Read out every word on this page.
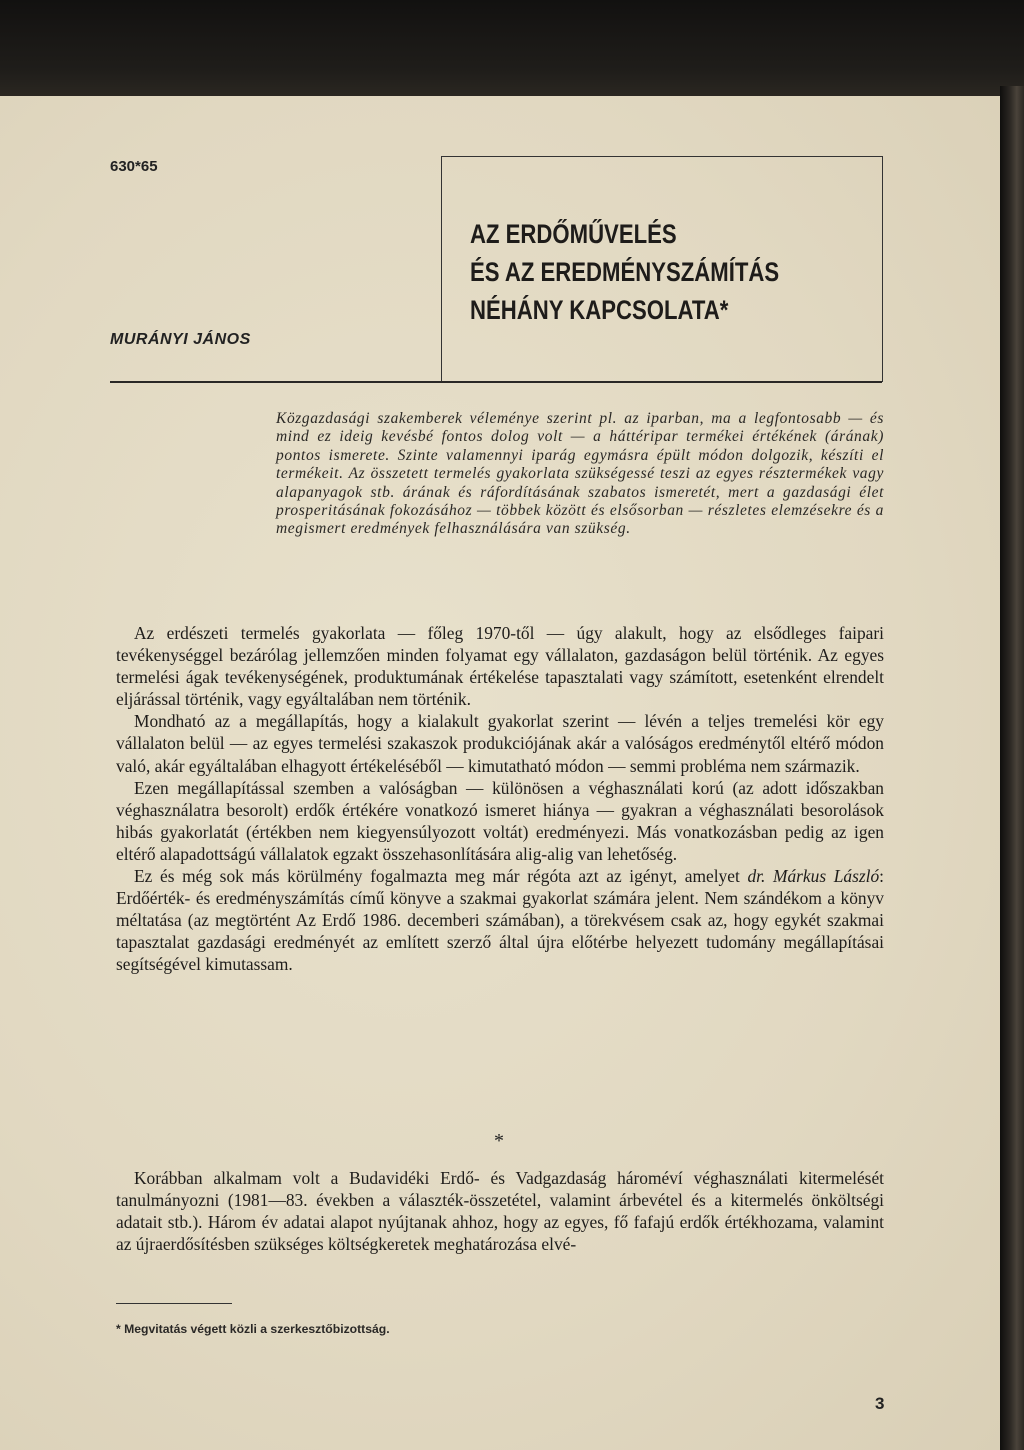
630*65
AZ ERDŐMŰVELÉS
ÉS AZ EREDMÉNYSZÁMÍTÁS
NÉHÁNY KAPCSOLATA*
MURÁNYI JÁNOS

Közgazdasági szakemberek véleménye szerint pl. az iparban, ma a legfontosabb — és mind ez ideig kevésbé fontos dolog volt — a háttéripar termékei értékének (árának) pontos ismerete. Szinte valamennyi iparág egymásra épült módon dolgozik, készíti el termékeit. Az összetett termelés gyakorlata szükségessé teszi az egyes résztermékek vagy alapanyagok stb. árának és ráfordításának szabatos ismeretét, mert a gazdasági élet prosperitásának fokozásához — többek között és elsősorban — részletes elemzésekre és a megismert eredmények felhasználására van szükség.

Az erdészeti termelés gyakorlata — főleg 1970-től — úgy alakult, hogy az elsődleges faipari tevékenységgel bezárólag jellemzően minden folyamat egy vállalaton, gazdaságon belül történik. Az egyes termelési ágak tevékenységének, produktumának értékelése tapasztalati vagy számított, esetenként elrendelt eljárással történik, vagy egyáltalában nem történik.

Mondható az a megállapítás, hogy a kialakult gyakorlat szerint — lévén a teljes tremelési kör egy vállalaton belül — az egyes termelési szakaszok produkciójának akár a valóságos eredménytől eltérő módon való, akár egyáltalában elhagyott értékeléséből — kimutatható módon — semmi probléma nem származik.

Ezen megállapítással szemben a valóságban — különösen a véghasználati korú (az adott időszakban véghasználatra besorolt) erdők értékére vonatkozó ismeret hiánya — gyakran a véghasználati besorolások hibás gyakorlatát (értékben nem kiegyensúlyozott voltát) eredményezi. Más vonatkozásban pedig az igen eltérő alapadottságú vállalatok egzakt összehasonlítására alig-alig van lehetőség.

Ez és még sok más körülmény fogalmazta meg már régóta azt az igényt, amelyet dr. Márkus László: Erdőérték- és eredményszámítás című könyve a szakmai gyakorlat számára jelent. Nem szándékom a könyv méltatása (az megtörtént Az Erdő 1986. decemberi számában), a törekvésem csak az, hogy egykét szakmai tapasztalat gazdasági eredményét az említett szerző által újra előtérbe helyezett tudomány megállapításai segítségével kimutassam.

*

Korábban alkalmam volt a Budavidéki Erdő- és Vadgazdaság hároméví véghasználati kitermelését tanulmányozni (1981—83. években a választék-összetétel, valamint árbevétel és a kitermelés önköltségi adatait stb.). Három év adatai alapot nyújtanak ahhoz, hogy az egyes, fő fafajú erdők értékhozama, valamint az újraerdősítésben szükséges költségkeretek meghatározása elvé-

* Megvitatás végett közli a szerkesztőbizottság.
3
